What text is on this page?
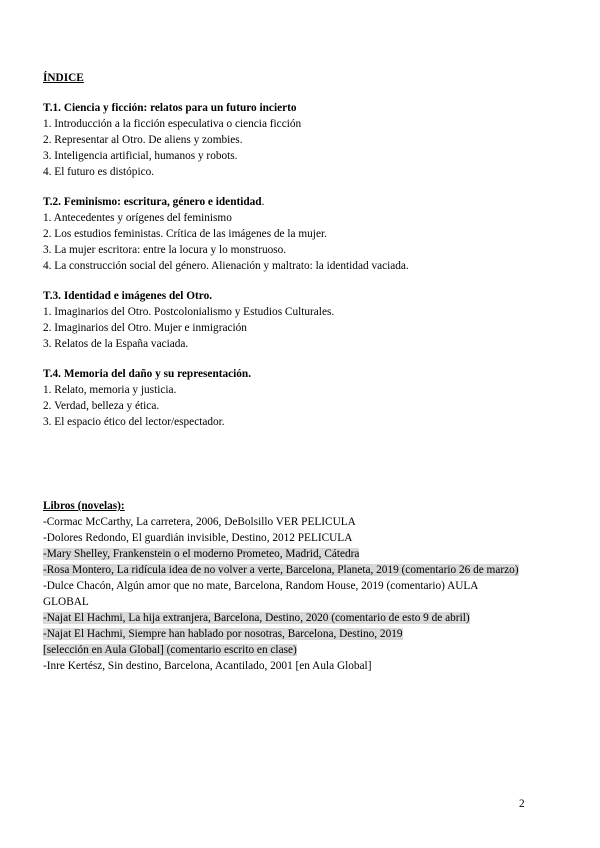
ÍNDICE
T.1. Ciencia y ficción: relatos para un futuro incierto
1. Introducción a la ficción especulativa o ciencia ficción
2. Representar al Otro. De aliens y zombies.
3. Inteligencia artificial, humanos y robots.
4. El futuro es distópico.
T.2. Feminismo: escritura, género e identidad.
1. Antecedentes y orígenes del feminismo
2. Los estudios feministas. Crítica de las imágenes de la mujer.
3. La mujer escritora: entre la locura y lo monstruoso.
4. La construcción social del género. Alienación y maltrato: la identidad vaciada.
T.3. Identidad e imágenes del Otro.
1. Imaginarios del Otro. Postcolonialismo y Estudios Culturales.
2. Imaginarios del Otro. Mujer e inmigración
3. Relatos de la España vaciada.
T.4. Memoria del daño y su representación.
1. Relato, memoria y justicia.
2. Verdad, belleza y ética.
3. El espacio ético del lector/espectador.
Libros (novelas):
-Cormac McCarthy, La carretera, 2006, DeBolsillo VER PELICULA
-Dolores Redondo, El guardián invisible, Destino, 2012 PELICULA
-Mary Shelley, Frankenstein o el moderno Prometeo, Madrid, Cátedra
-Rosa Montero, La ridícula idea de no volver a verte, Barcelona, Planeta, 2019 (comentario 26 de marzo)
-Dulce Chacón, Algún amor que no mate, Barcelona, Random House, 2019 (comentario) AULA GLOBAL
-Najat El Hachmi, La hija extranjera, Barcelona, Destino, 2020 (comentario de esto 9 de abril)
-Najat El Hachmi, Siempre han hablado por nosotras, Barcelona, Destino, 2019
[selección en Aula Global] (comentario escrito en clase)
-Inre Kertész, Sin destino, Barcelona, Acantilado, 2001 [en Aula Global]
2
